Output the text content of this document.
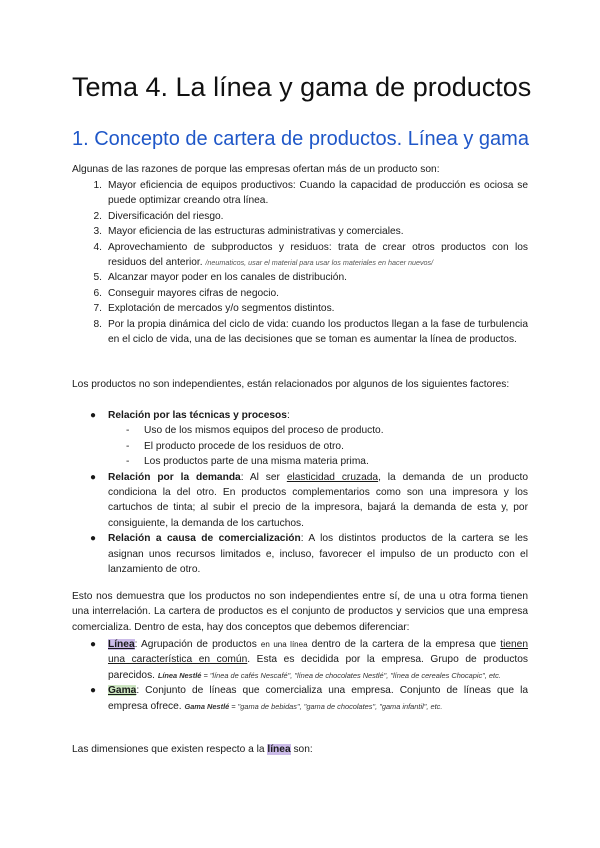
Tema 4. La línea y gama de productos
1. Concepto de cartera de productos. Línea y gama
Algunas de las razones de porque las empresas ofertan más de un producto son:
1. Mayor eficiencia de equipos productivos: Cuando la capacidad de producción es ociosa se puede optimizar creando otra línea.
2. Diversificación del riesgo.
3. Mayor eficiencia de las estructuras administrativas y comerciales.
4. Aprovechamiento de subproductos y residuos: trata de crear otros productos con los residuos del anterior. /neumaticos, usar el material para usar los materiales en hacer nuevos/
5. Alcanzar mayor poder en los canales de distribución.
6. Conseguir mayores cifras de negocio.
7. Explotación de mercados y/o segmentos distintos.
8. Por la propia dinámica del ciclo de vida: cuando los productos llegan a la fase de turbulencia en el ciclo de vida, una de las decisiones que se toman es aumentar la línea de productos.
Los productos no son independientes, están relacionados por algunos de los siguientes factores:
● Relación por las técnicas y procesos:
- Uso de los mismos equipos del proceso de producto.
- El producto procede de los residuos de otro.
- Los productos parte de una misma materia prima.
● Relación por la demanda: Al ser elasticidad cruzada, la demanda de un producto condiciona la del otro. En productos complementarios como son una impresora y los cartuchos de tinta; al subir el precio de la impresora, bajará la demanda de esta y, por consiguiente, la demanda de los cartuchos.
● Relación a causa de comercialización: A los distintos productos de la cartera se les asignan unos recursos limitados e, incluso, favorecer el impulso de un producto con el lanzamiento de otro.
Esto nos demuestra que los productos no son independientes entre sí, de una u otra forma tienen una interrelación. La cartera de productos es el conjunto de productos y servicios que una empresa comercializa. Dentro de esta, hay dos conceptos que debemos diferenciar:
● Línea: Agrupación de productos en una línea dentro de la cartera de la empresa que tienen una característica en común. Esta es decidida por la empresa. Grupo de productos parecidos. Línea Nestlé = "línea de cafés Nescafé", "línea de chocolates Nestlé", "línea de cereales Chocapic", etc.
● Gama: Conjunto de líneas que comercializa una empresa. Conjunto de líneas que la empresa ofrece. Gama Nestlé = "gama de bebidas", "gama de chocolates", "gama infantil", etc.
Las dimensiones que existen respecto a la línea son:
